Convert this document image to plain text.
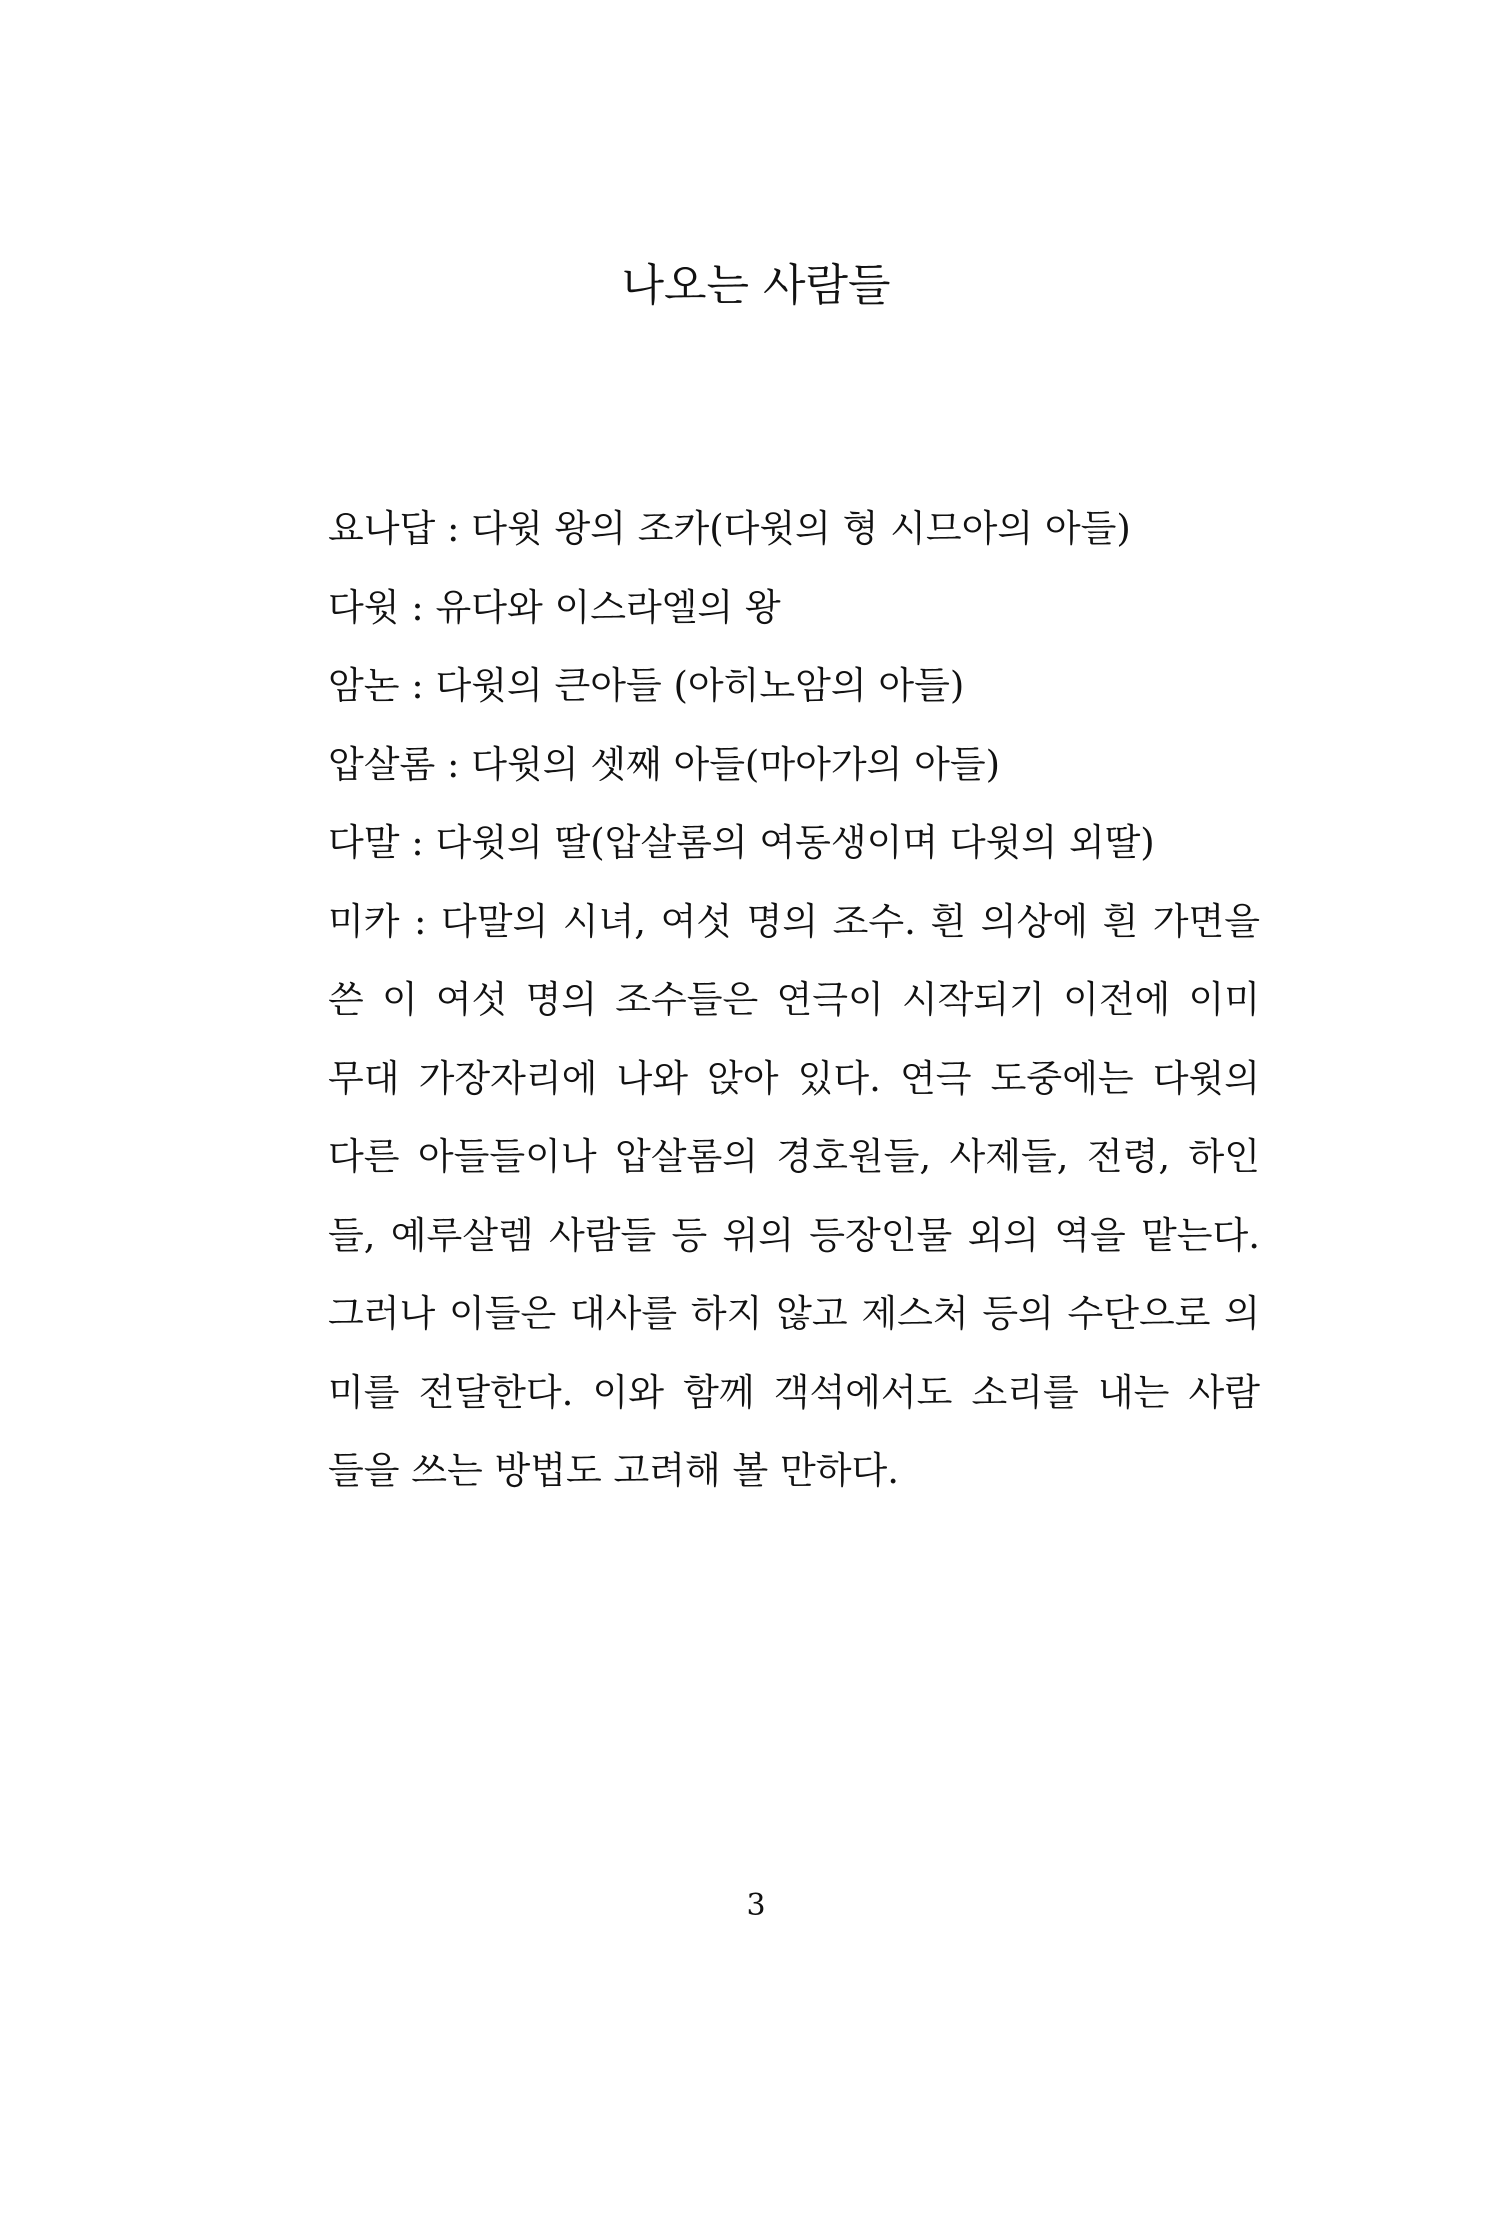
나오는 사람들
요나답 : 다윗 왕의 조카(다윗의 형 시므아의 아들)
다윗 : 유다와 이스라엘의 왕
암논 : 다윗의 큰아들 (아히노암의 아들)
압살롬 : 다윗의 셋째 아들(마아가의 아들)
다말 : 다윗의 딸(압살롬의 여동생이며 다윗의 외딸)
미카 : 다말의 시녀, 여섯 명의 조수. 흰 의상에 흰 가면을
쓴 이 여섯 명의 조수들은 연극이 시작되기 이전에 이미
무대 가장자리에 나와 앉아 있다. 연극 도중에는 다윗의
다른 아들들이나 압살롬의 경호원들, 사제들, 전령, 하인
들, 예루살렘 사람들 등 위의 등장인물 외의 역을 맡는다.
그러나 이들은 대사를 하지 않고 제스처 등의 수단으로 의
미를 전달한다. 이와 함께 객석에서도 소리를 내는 사람
들을 쓰는 방법도 고려해 볼 만하다.
3
